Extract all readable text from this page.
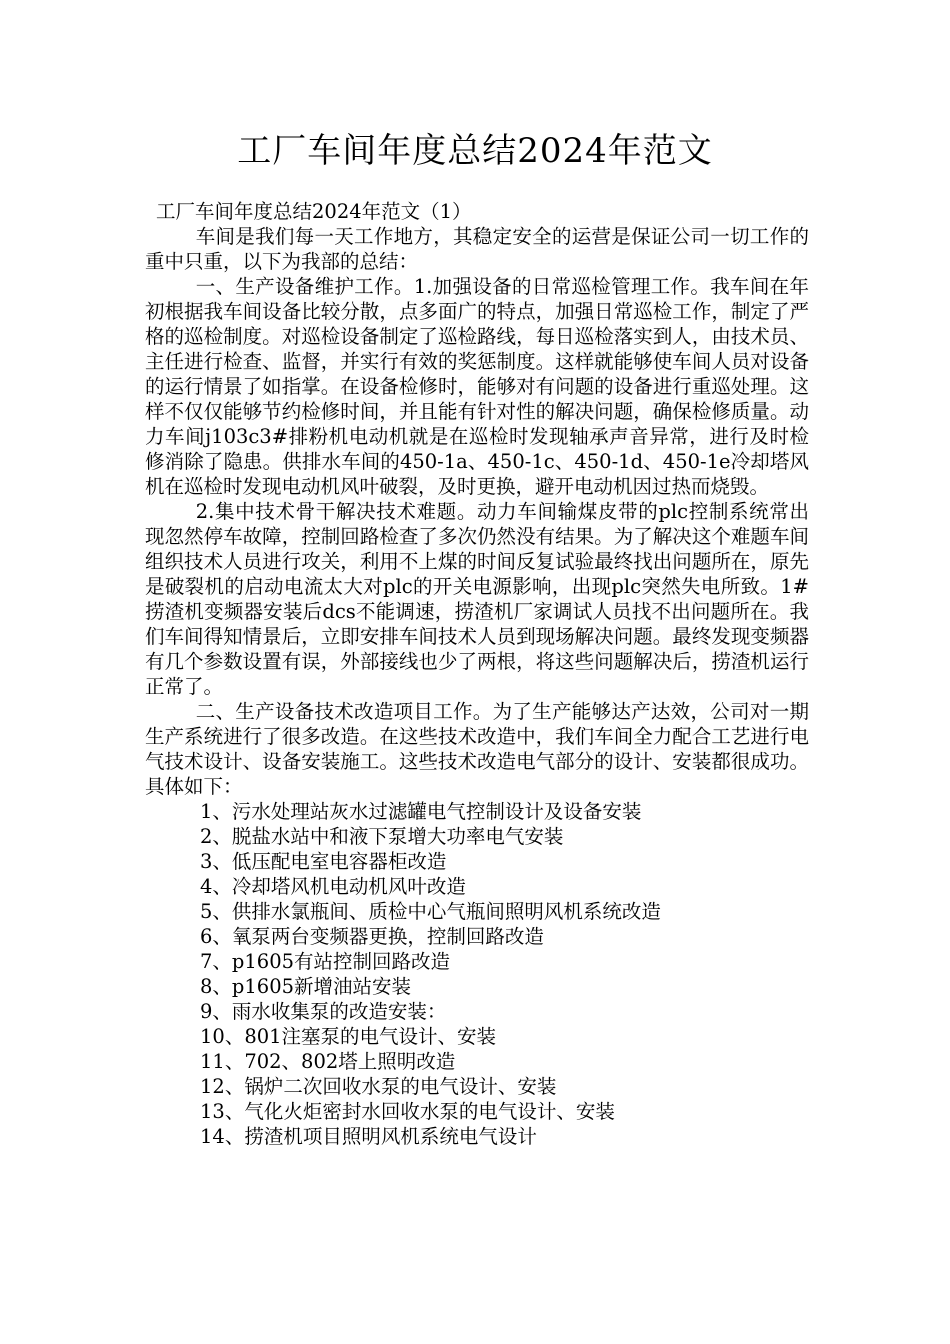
工厂车间年度总结2024年范文

工厂车间年度总结2024年范文（1）

车间是我们每一天工作地方，其稳定安全的运营是保证公司一切工作的重中只重，以下为我部的总结：

一、生产设备维护工作。1.加强设备的日常巡检管理工作。我车间在年初根据我车间设备比较分散，点多面广的特点，加强日常巡检工作，制定了严格的巡检制度。对巡检设备制定了巡检路线，每日巡检落实到人，由技术员、主任进行检查、监督，并实行有效的奖惩制度。这样就能够使车间人员对设备的运行情景了如指掌。在设备检修时，能够对有问题的设备进行重巡处理。这样不仅仅能够节约检修时间，并且能有针对性的解决问题，确保检修质量。动力车间j103c3#排粉机电动机就是在巡检时发现轴承声音异常，进行及时检修消除了隐患。供排水车间的450-1a、450-1c、450-1d、450-1e冷却塔风机在巡检时发现电动机风叶破裂，及时更换，避开电动机因过热而烧毁。

2.集中技术骨干解决技术难题。动力车间输煤皮带的plc控制系统常出现忽然停车故障，控制回路检查了多次仍然没有结果。为了解决这个难题车间组织技术人员进行攻关，利用不上煤的时间反复试验最终找出问题所在，原先是破裂机的启动电流太大对plc的开关电源影响，出现plc突然失电所致。1#捞渣机变频器安装后dcs不能调速，捞渣机厂家调试人员找不出问题所在。我们车间得知情景后，立即安排车间技术人员到现场解决问题。最终发现变频器有几个参数设置有误，外部接线也少了两根，将这些问题解决后，捞渣机运行正常了。

二、生产设备技术改造项目工作。为了生产能够达产达效，公司对一期生产系统进行了很多改造。在这些技术改造中，我们车间全力配合工艺进行电气技术设计、设备安装施工。这些技术改造电气部分的设计、安装都很成功。具体如下：

1、污水处理站灰水过滤罐电气控制设计及设备安装

2、脱盐水站中和液下泵增大功率电气安装

3、低压配电室电容器柜改造

4、冷却塔风机电动机风叶改造

5、供排水氯瓶间、质检中心气瓶间照明风机系统改造

6、氧泵两台变频器更换，控制回路改造

7、p1605有站控制回路改造

8、p1605新增油站安装

9、雨水收集泵的改造安装：

10、801注塞泵的电气设计、安装

11、702、802塔上照明改造

12、锅炉二次回收水泵的电气设计、安装

13、气化火炬密封水回收水泵的电气设计、安装

14、捞渣机项目照明风机系统电气设计
